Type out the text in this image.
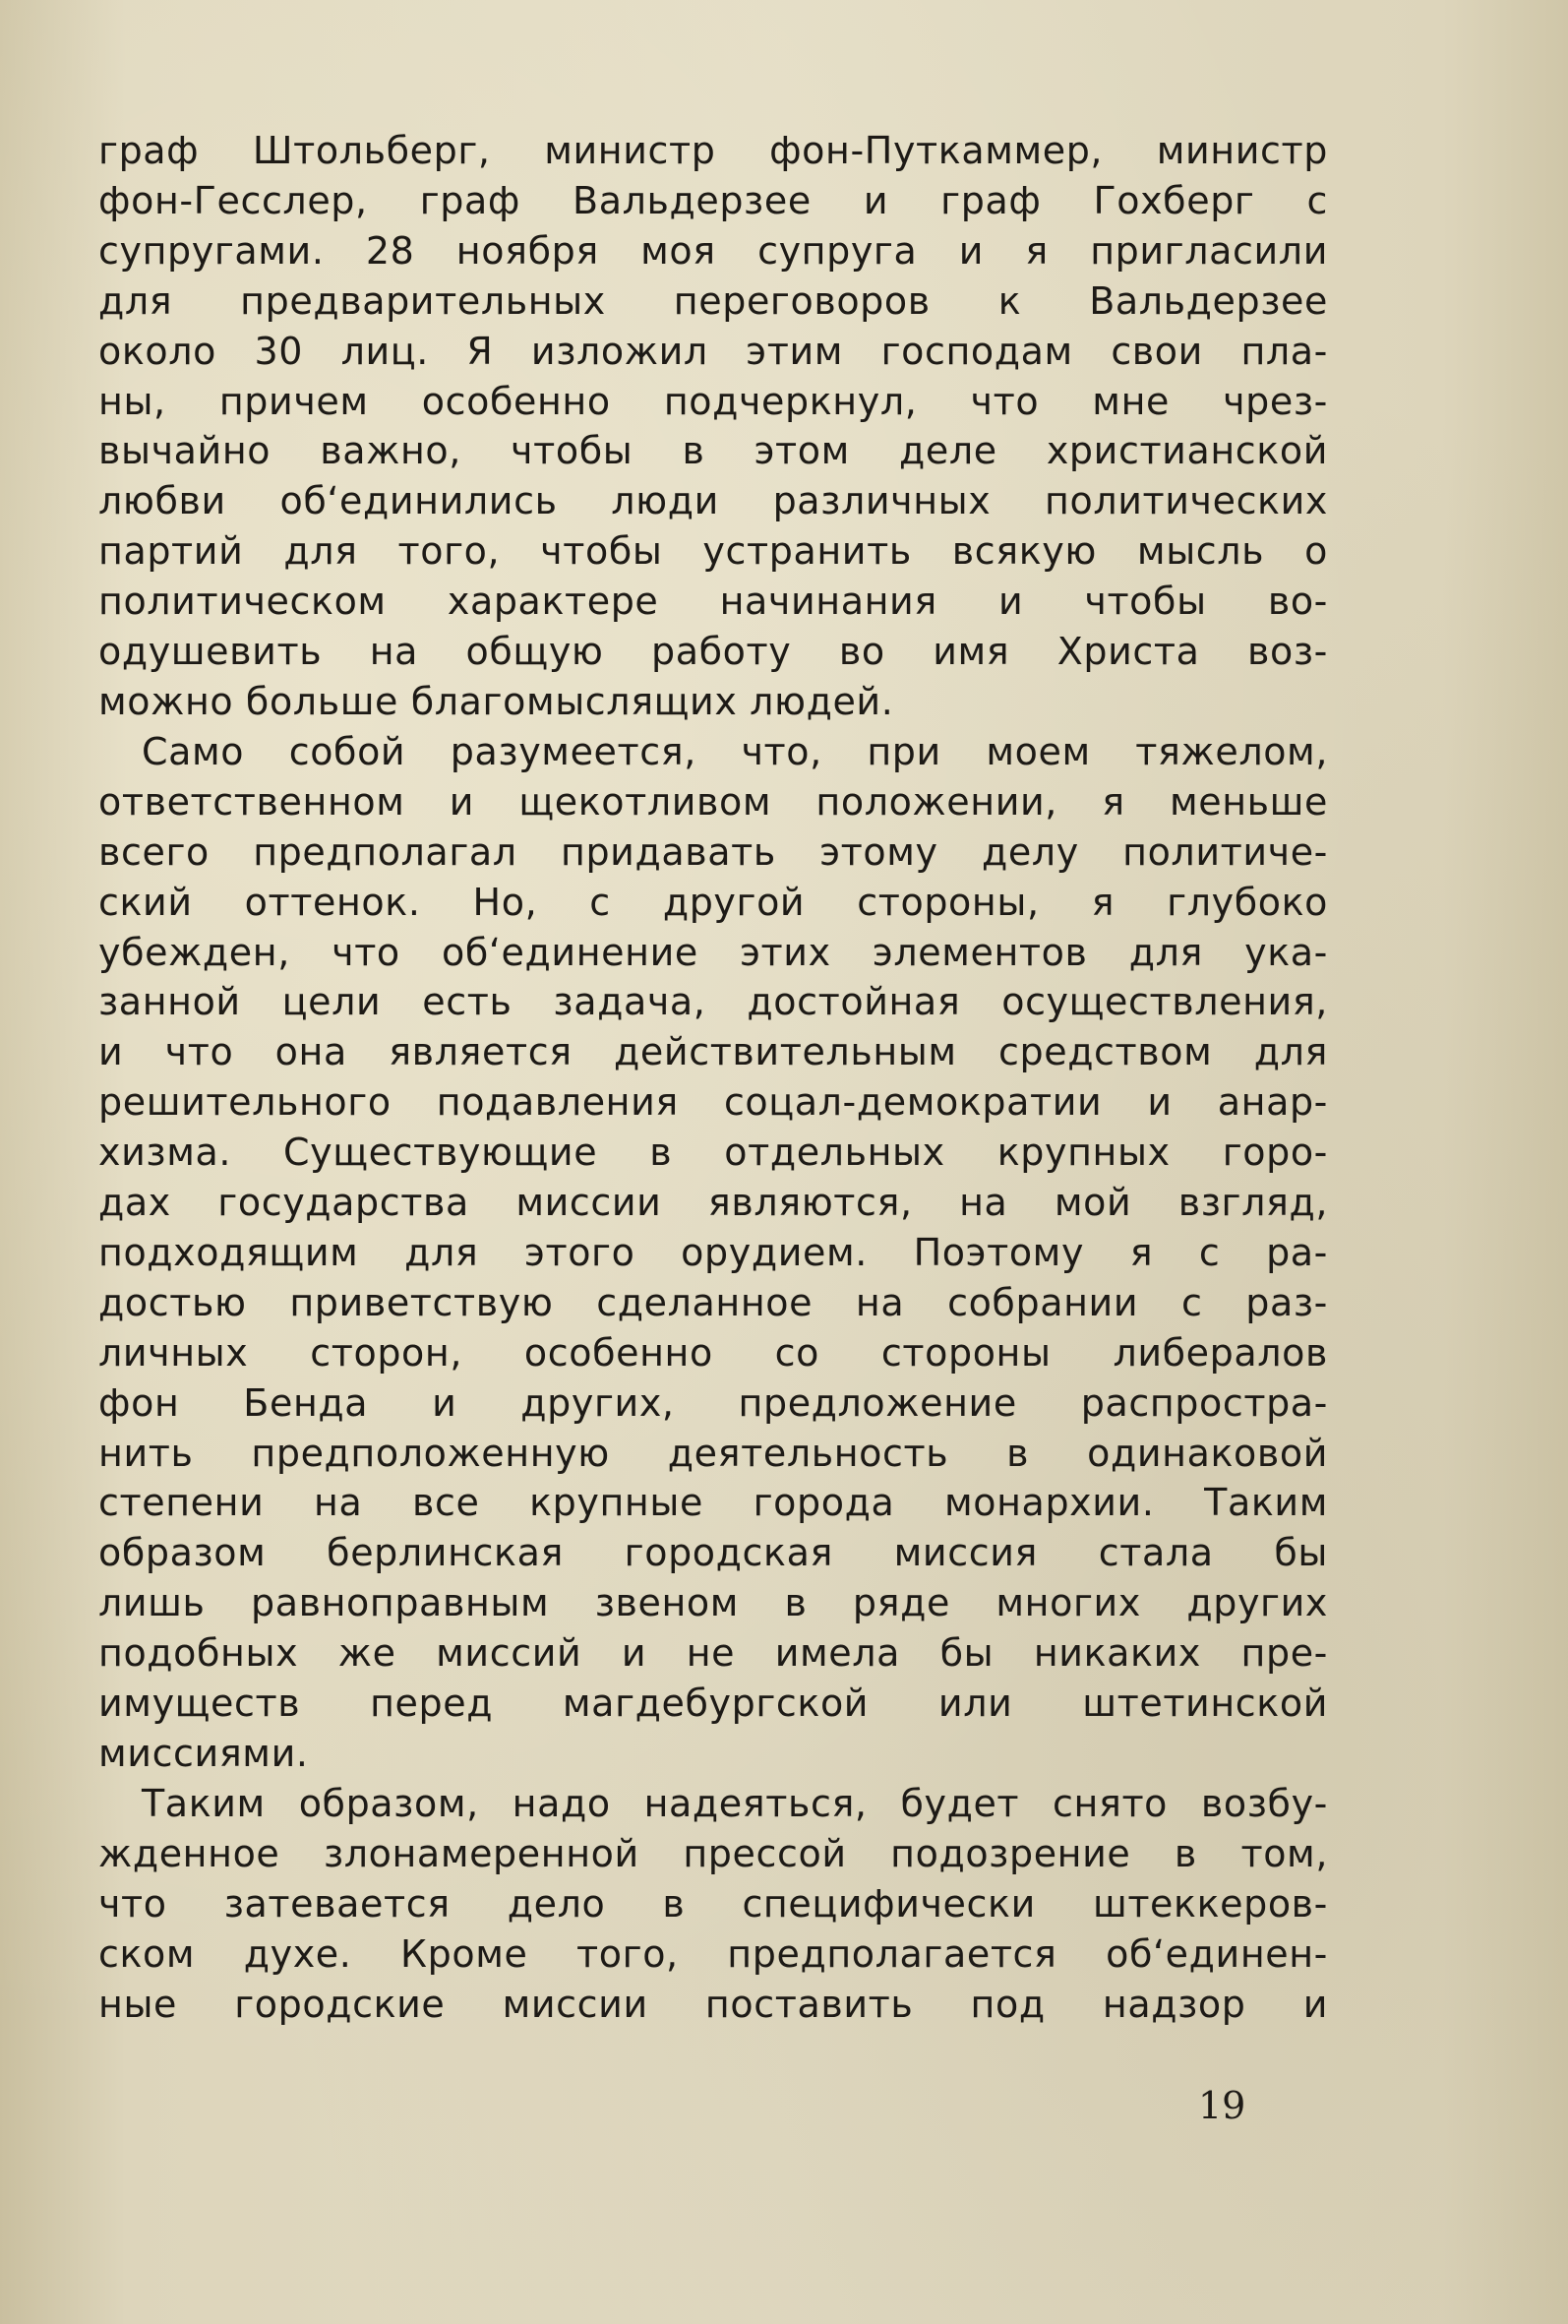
граф Штольберг, министр фон-Путкаммер, министр
фон-Гесслер, граф Вальдерзее и граф Гохберг с
супругами. 28 ноября моя супруга и я пригласили
для предварительных переговоров к Вальдерзее
около 30 лиц. Я изложил этим господам свои пла-
ны, причем особенно подчеркнул, что мне чрез-
вычайно важно, чтобы в этом деле христианской
любви об‘единились люди различных политических
партий для того, чтобы устранить всякую мысль о
политическом характере начинания и чтобы во-
одушевить на общую работу во имя Христа воз-
можно больше благомыслящих людей.
Само собой разумеется, что, при моем тяжелом,
ответственном и щекотливом положении, я меньше
всего предполагал придавать этому делу политиче-
ский оттенок. Но, с другой стороны, я глубоко
убежден, что об‘единение этих элементов для ука-
занной цели есть задача, достойная осуществления,
и что она является действительным средством для
решительного подавления соцал-демократии и анар-
хизма. Существующие в отдельных крупных горо-
дах государства миссии являются, на мой взгляд,
подходящим для этого орудием. Поэтому я с ра-
достью приветствую сделанное на собрании с раз-
личных сторон, особенно со стороны либералов
фон Бенда и других, предложение распростра-
нить предположенную деятельность в одинаковой
степени на все крупные города монархии. Таким
образом берлинская городская миссия стала бы
лишь равноправным звеном в ряде многих других
подобных же миссий и не имела бы никаких пре-
имуществ перед магдебургской или штетинской
миссиями.
Таким образом, надо надеяться, будет снято возбу-
жденное злонамеренной прессой подозрение в том,
что затевается дело в специфически штеккеров-
ском духе. Кроме того, предполагается об‘единен-
ные городские миссии поставить под надзор и
19
